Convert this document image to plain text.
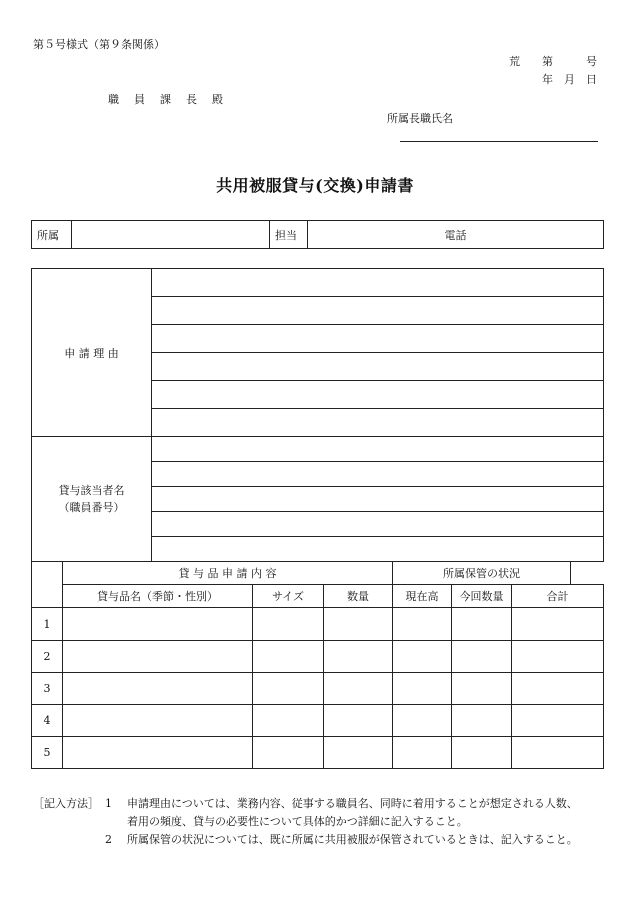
第５号様式（第９条関係）
荒　　第　　　号
年　月　日
職　員　課　長　殿
所属長職氏名
共用被服貸与(交換)申請書
所属		担当	電話
申 請 理 由							

貸与該当者名
（職員番号）							

	貸 与 品 申 請 内 容				所属保管の状況	
	貸与品名（季節・性別）		サイズ	数量	現在高	今回数量	合計
1							
2							
3							
4							
5							
［記入方法］ 1	申請理由については、業務内容、従事する職員名、同時に着用することが想定される人数、
着用の頻度、貸与の必要性について具体的かつ詳細に記入すること。
2	所属保管の状況については、既に所属に共用被服が保管されているときは、記入すること。
